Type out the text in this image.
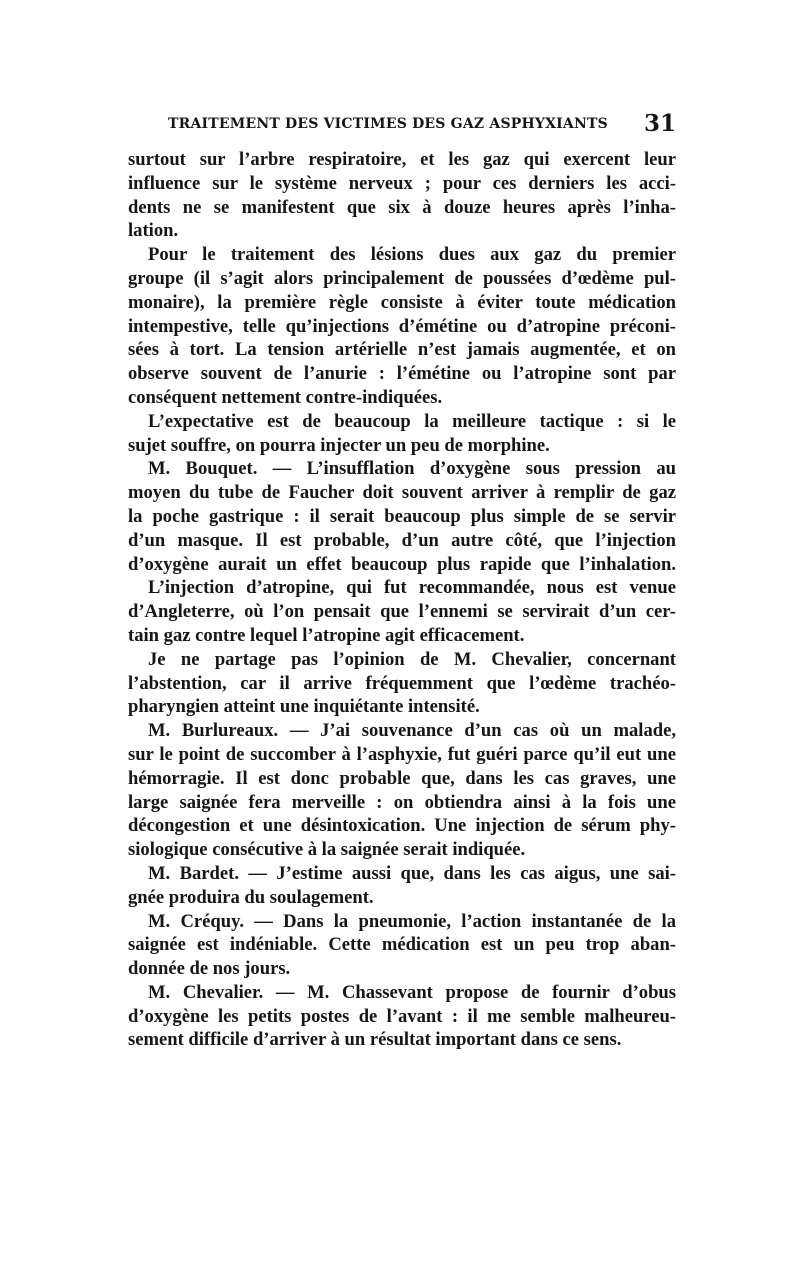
TRAITEMENT DES VICTIMES DES GAZ ASPHYXIANTS 31
surtout sur l’arbre respiratoire, et les gaz qui exercent leur
influence sur le système nerveux ; pour ces derniers les acci-
dents ne se manifestent que six à douze heures après l’inha-
lation.
Pour le traitement des lésions dues aux gaz du premier
groupe (il s’agit alors principalement de poussées d’œdème pul-
monaire), la première règle consiste à éviter toute médication
intempestive, telle qu’injections d’émétine ou d’atropine préconi-
sées à tort. La tension artérielle n’est jamais augmentée, et on
observe souvent de l’anurie : l’émétine ou l’atropine sont par
conséquent nettement contre-indiquées.
L’expectative est de beaucoup la meilleure tactique : si le
sujet souffre, on pourra injecter un peu de morphine.
M. Bouquet. — L’insufflation d’oxygène sous pression au
moyen du tube de Faucher doit souvent arriver à remplir de gaz
la poche gastrique : il serait beaucoup plus simple de se servir
d’un masque. Il est probable, d’un autre côté, que l’injection
d’oxygène aurait un effet beaucoup plus rapide que l’inhalation.
L’injection d’atropine, qui fut recommandée, nous est venue
d’Angleterre, où l’on pensait que l’ennemi se servirait d’un cer-
tain gaz contre lequel l’atropine agit efficacement.
Je ne partage pas l’opinion de M. Chevalier, concernant
l’abstention, car il arrive fréquemment que l’œdème trachéo-
pharyngien atteint une inquiétante intensité.
M. Burlureaux. — J’ai souvenance d’un cas où un malade,
sur le point de succomber à l’asphyxie, fut guéri parce qu’il eut une
hémorragie. Il est donc probable que, dans les cas graves, une
large saignée fera merveille : on obtiendra ainsi à la fois une
décongestion et une désintoxication. Une injection de sérum phy-
siologique consécutive à la saignée serait indiquée.
M. Bardet. — J’estime aussi que, dans les cas aigus, une sai-
gnée produira du soulagement.
M. Créquy. — Dans la pneumonie, l’action instantanée de la
saignée est indéniable. Cette médication est un peu trop aban-
donnée de nos jours.
M. Chevalier. — M. Chassevant propose de fournir d’obus
d’oxygène les petits postes de l’avant : il me semble malheureu-
sement difficile d’arriver à un résultat important dans ce sens.
